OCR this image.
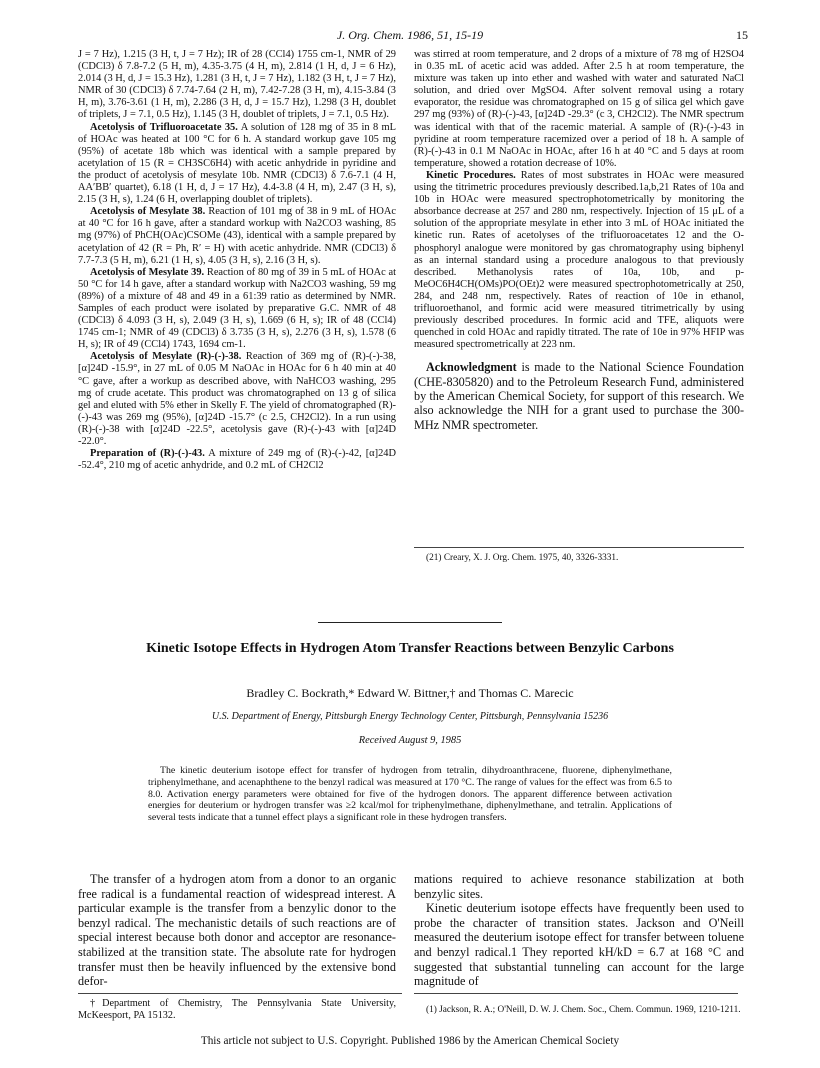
J. Org. Chem. 1986, 51, 15-19	15

J = 7 Hz), 1.215 (3 H, t, J = 7 Hz); IR of 28 (CCl4) 1755 cm-1, NMR of 29 (CDCl3) δ 7.8-7.2 (5 H, m), 4.35-3.75 (4 H, m), 2.814 (1 H, d, J = 6 Hz), 2.014 (3 H, d, J = 15.3 Hz), 1.281 (3 H, t, J = 7 Hz), 1.182 (3 H, t, J = 7 Hz), NMR of 30 (CDCl3) δ 7.74-7.64 (2 H, m), 7.42-7.28 (3 H, m), 4.15-3.84 (3 H, m), 3.76-3.61 (1 H, m), 2.286 (3 H, d, J = 15.7 Hz), 1.298 (3 H, doublet of triplets, J = 7.1, 0.5 Hz), 1.145 (3 H, doublet of triplets, J = 7.1, 0.5 Hz).

Acetolysis of Trifluoroacetate 35. A solution of 128 mg of 35 in 8 mL of HOAc was heated at 100 °C for 6 h. A standard workup gave 105 mg (95%) of acetate 18b which was identical with a sample prepared by acetylation of 15 (R = CH3SC6H4) with acetic anhydride in pyridine and the product of acetolysis of mesylate 10b. NMR (CDCl3) δ 7.6-7.1 (4 H, AA′BB′ quartet), 6.18 (1 H, d, J = 17 Hz), 4.4-3.8 (4 H, m), 2.47 (3 H, s), 2.15 (3 H, s), 1.24 (6 H, overlapping doublet of triplets).

Acetolysis of Mesylate 38. Reaction of 101 mg of 38 in 9 mL of HOAc at 40 °C for 16 h gave, after a standard workup with Na2CO3 washing, 85 mg (97%) of PhCH(OAc)CSOMe (43), identical with a sample prepared by acetylation of 42 (R = Ph, R′ = H) with acetic anhydride. NMR (CDCl3) δ 7.7-7.3 (5 H, m), 6.21 (1 H, s), 4.05 (3 H, s), 2.16 (3 H, s).

Acetolysis of Mesylate 39. Reaction of 80 mg of 39 in 5 mL of HOAc at 50 °C for 14 h gave, after a standard workup with Na2CO3 washing, 59 mg (89%) of a mixture of 48 and 49 in a 61:39 ratio as determined by NMR. Samples of each product were isolated by preparative G.C. NMR of 48 (CDCl3) δ 4.093 (3 H, s), 2.049 (3 H, s), 1.669 (6 H, s); IR of 48 (CCl4) 1745 cm-1; NMR of 49 (CDCl3) δ 3.735 (3 H, s), 2.276 (3 H, s), 1.578 (6 H, s); IR of 49 (CCl4) 1743, 1694 cm-1.

Acetolysis of Mesylate (R)-(-)-38. Reaction of 369 mg of (R)-(-)-38, [α]24D -15.9°, in 27 mL of 0.05 M NaOAc in HOAc for 6 h 40 min at 40 °C gave, after a workup as described above, with NaHCO3 washing, 295 mg of crude acetate. This product was chromatographed on 13 g of silica gel and eluted with 5% ether in Skelly F. The yield of chromatographed (R)-(-)-43 was 269 mg (95%), [α]24D -15.7° (c 2.5, CH2Cl2). In a run using (R)-(-)-38 with [α]24D -22.5°, acetolysis gave (R)-(-)-43 with [α]24D -22.0°.

Preparation of (R)-(-)-43. A mixture of 249 mg of (R)-(-)-42, [α]24D -52.4°, 210 mg of acetic anhydride, and 0.2 mL of CH2Cl2

was stirred at room temperature, and 2 drops of a mixture of 78 mg of H2SO4 in 0.35 mL of acetic acid was added. After 2.5 h at room temperature, the mixture was taken up into ether and washed with water and saturated NaCl solution, and dried over MgSO4. After solvent removal using a rotary evaporator, the residue was chromatographed on 15 g of silica gel which gave 297 mg (93%) of (R)-(-)-43, [α]24D -29.3° (c 3, CH2Cl2). The NMR spectrum was identical with that of the racemic material. A sample of (R)-(-)-43 in pyridine at room temperature racemized over a period of 18 h. A sample of (R)-(-)-43 in 0.1 M NaOAc in HOAc, after 16 h at 40 °C and 5 days at room temperature, showed a rotation decrease of 10%.

Kinetic Procedures. Rates of most substrates in HOAc were measured using the titrimetric procedures previously described.1a,b,21 Rates of 10a and 10b in HOAc were measured spectrophotometrically by monitoring the absorbance decrease at 257 and 280 nm, respectively. Injection of 15 μL of a solution of the appropriate mesylate in ether into 3 mL of HOAc initiated the kinetic run. Rates of acetolyses of the trifluoroacetates 12 and the O-phosphoryl analogue were monitored by gas chromatography using biphenyl as an internal standard using a procedure analogous to that previously described. Methanolysis rates of 10a, 10b, and p-MeOC6H4CH(OMs)PO(OEt)2 were measured spectrophotometrically at 250, 284, and 248 nm, respectively. Rates of reaction of 10e in ethanol, trifluoroethanol, and formic acid were measured titrimetrically by using previously described procedures. In formic acid and TFE, aliquots were quenched in cold HOAc and rapidly titrated. The rate of 10e in 97% HFIP was measured spectrometrically at 223 nm.

Acknowledgment is made to the National Science Foundation (CHE-8305820) and to the Petroleum Research Fund, administered by the American Chemical Society, for support of this research. We also acknowledge the NIH for a grant used to purchase the 300-MHz NMR spectrometer.

(21) Creary, X. J. Org. Chem. 1975, 40, 3326-3331.
Kinetic Isotope Effects in Hydrogen Atom Transfer Reactions between Benzylic Carbons
Bradley C. Bockrath,* Edward W. Bittner,† and Thomas C. Marecic
U.S. Department of Energy, Pittsburgh Energy Technology Center, Pittsburgh, Pennsylvania 15236
Received August 9, 1985
The kinetic deuterium isotope effect for transfer of hydrogen from tetralin, dihydroanthracene, fluorene, diphenylmethane, triphenylmethane, and acenaphthene to the benzyl radical was measured at 170 °C. The range of values for the effect was from 6.5 to 8.0. Activation energy parameters were obtained for five of the hydrogen donors. The apparent difference between activation energies for deuterium or hydrogen transfer was ≥2 kcal/mol for triphenylmethane, diphenylmethane, and tetralin. Applications of several tests indicate that a tunnel effect plays a significant role in these hydrogen transfers.

The transfer of a hydrogen atom from a donor to an organic free radical is a fundamental reaction of widespread interest. A particular example is the transfer from a benzylic donor to the benzyl radical. The mechanistic details of such reactions are of special interest because both donor and acceptor are resonance-stabilized at the transition state. The absolute rate for hydrogen transfer must then be heavily influenced by the extensive bond defor-

mations required to achieve resonance stabilization at both benzylic sites.

Kinetic deuterium isotope effects have frequently been used to probe the character of transition states. Jackson and O'Neill measured the deuterium isotope effect for transfer between toluene and benzyl radical.1 They reported kH/kD = 6.7 at 168 °C and suggested that substantial tunneling can account for the large magnitude of

†Department of Chemistry, The Pennsylvania State University, McKeesport, PA 15132.	(1) Jackson, R. A.; O'Neill, D. W. J. Chem. Soc., Chem. Commun. 1969, 1210-1211.
This article not subject to U.S. Copyright. Published 1986 by the American Chemical Society
